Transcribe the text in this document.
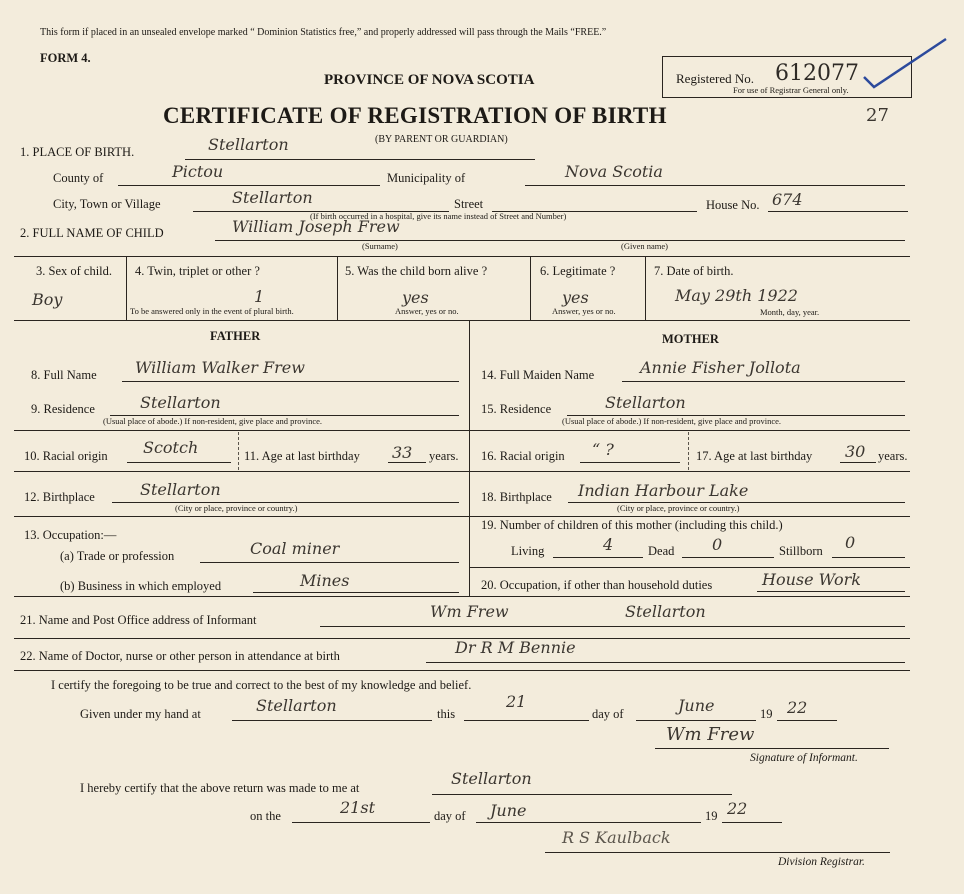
This form if placed in an unsealed envelope marked “ Dominion Statistics free,” and properly addressed will pass through the Mails “FREE.”
FORM 4.
PROVINCE OF NOVA SCOTIA
CERTIFICATE OF REGISTRATION OF BIRTH
(BY PARENT OR GUARDIAN)
Registered No. 612077
For use of Registrar General only.
27
1. PLACE OF BIRTH.	Stellarton
County of	Pictou	Municipality of	Nova Scotia
City, Town or Village	Stellarton	Street	House No. 674
(If birth occurred in a hospital, give its name instead of Street and Number)
2. FULL NAME OF CHILD	William Joseph Frew
(Surname)	(Given name)
3. Sex of child.
Boy
4. Twin, triplet or other ?
1
To be answered only in the event of plural birth.
5. Was the child born alive ?
yes
Answer, yes or no.
6. Legitimate ?
yes
Answer, yes or no.
7. Date of birth.
May 29th 1922
Month, day, year.
FATHER	MOTHER
8. Full Name William Walker Frew
9. Residence	Stellarton
(Usual place of abode.) If non-resident, give place and province.
10. Racial origin Scotch	11. Age at last birthday 33 years.
12. Birthplace	Stellarton
(City or place, province or country.)
13. Occupation:—
(a) Trade or profession	Coal miner
(b) Business in which employed	Mines
14. Full Maiden Name	Annie Fisher Jollota
15. Residence	Stellarton
(Usual place of abode.) If non-resident, give place and province.
16. Racial origin “ ?	17. Age at last birthday 30 years.
18. Birthplace Indian Harbour Lake
(City or place, province or country.)
19. Number of children of this mother (including this child.)
Living	4	Dead 0	Stillborn 0
20. Occupation, if other than household duties	House Work
21. Name and Post Office address of Informant	Wm Frew	Stellarton
22. Name of Doctor, nurse or other person in attendance at birth	Dr R M Bennie
I certify the foregoing to be true and correct to the best of my knowledge and belief.
Given under my hand at	Stellarton	this
21
day of	June	19 22
Wm Frew
Signature of Informant.
I hereby certify that the above return was made to me at	Stellarton
on the	21st	day of June	19 22
R S Kaulback
Division Registrar.
